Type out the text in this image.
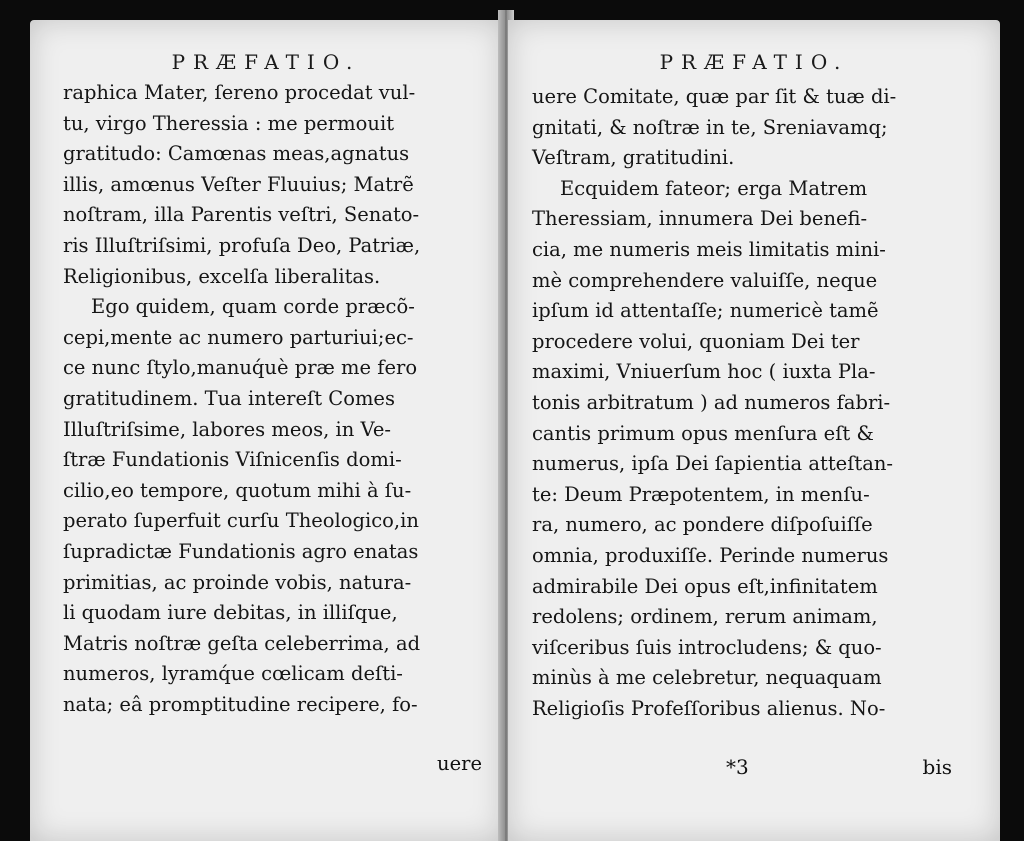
PRÆFATIO.
raphica Mater, ſereno procedat vul-
tu, virgo Theressia : me permouit
gratitudo: Camœnas meas,agnatus
illis, amœnus Veſter Fluuius; Matrẽ
noſtram, illa Parentis veſtri, Senato-
ris Illuſtriſsimi, profuſa Deo, Patriæ,
Religionibus, excelſa liberalitas.
Ego quidem, quam corde præcõ-
cepi,mente ac numero parturiui;ec-
ce nunc ſtylo,manuq́uè præ me fero
gratitudinem. Tua intereſt Comes
Illuſtriſsime, labores meos, in Ve-
ſtræ Fundationis Viſnicenſis domi-
cilio,eo tempore, quotum mihi à ſu-
perato ſuperfuit curſu Theologico,in
ſupradictæ Fundationis agro enatas
primitias, ac proinde vobis, natura-
li quodam iure debitas, in illiſque,
Matris noſtræ geſta celeberrima, ad
numeros, lyramq́ue cœlicam deſti-
nata; eâ promptitudine recipere, fo-
uere
PRÆFATIO.
uere Comitate, quæ par ſit & tuæ di-
gnitati, & noſtræ in te, Sreniavamq;
Veſtram, gratitudini.
Ecquidem fateor; erga Matrem
Theressiam, innumera Dei benefi-
cia, me numeris meis limitatis mini-
mè comprehendere valuiſſe, neque
ipſum id attentaſſe; numericè tamẽ
procedere volui, quoniam Dei ter
maximi, Vniuerſum hoc ( iuxta Pla-
tonis arbitratum ) ad numeros fabri-
cantis primum opus menſura eſt &
numerus, ipſa Dei ſapientia atteſtan-
te: Deum Præpotentem, in menſu-
ra, numero, ac pondere diſpoſuiſſe
omnia, produxiſſe. Perinde numerus
admirabile Dei opus eſt,infinitatem
redolens; ordinem, rerum animam,
viſceribus ſuis introcludens; & quo-
minùs à me celebretur, nequaquam
Religioſis Profeſſoribus alienus. No-
*3	bis
